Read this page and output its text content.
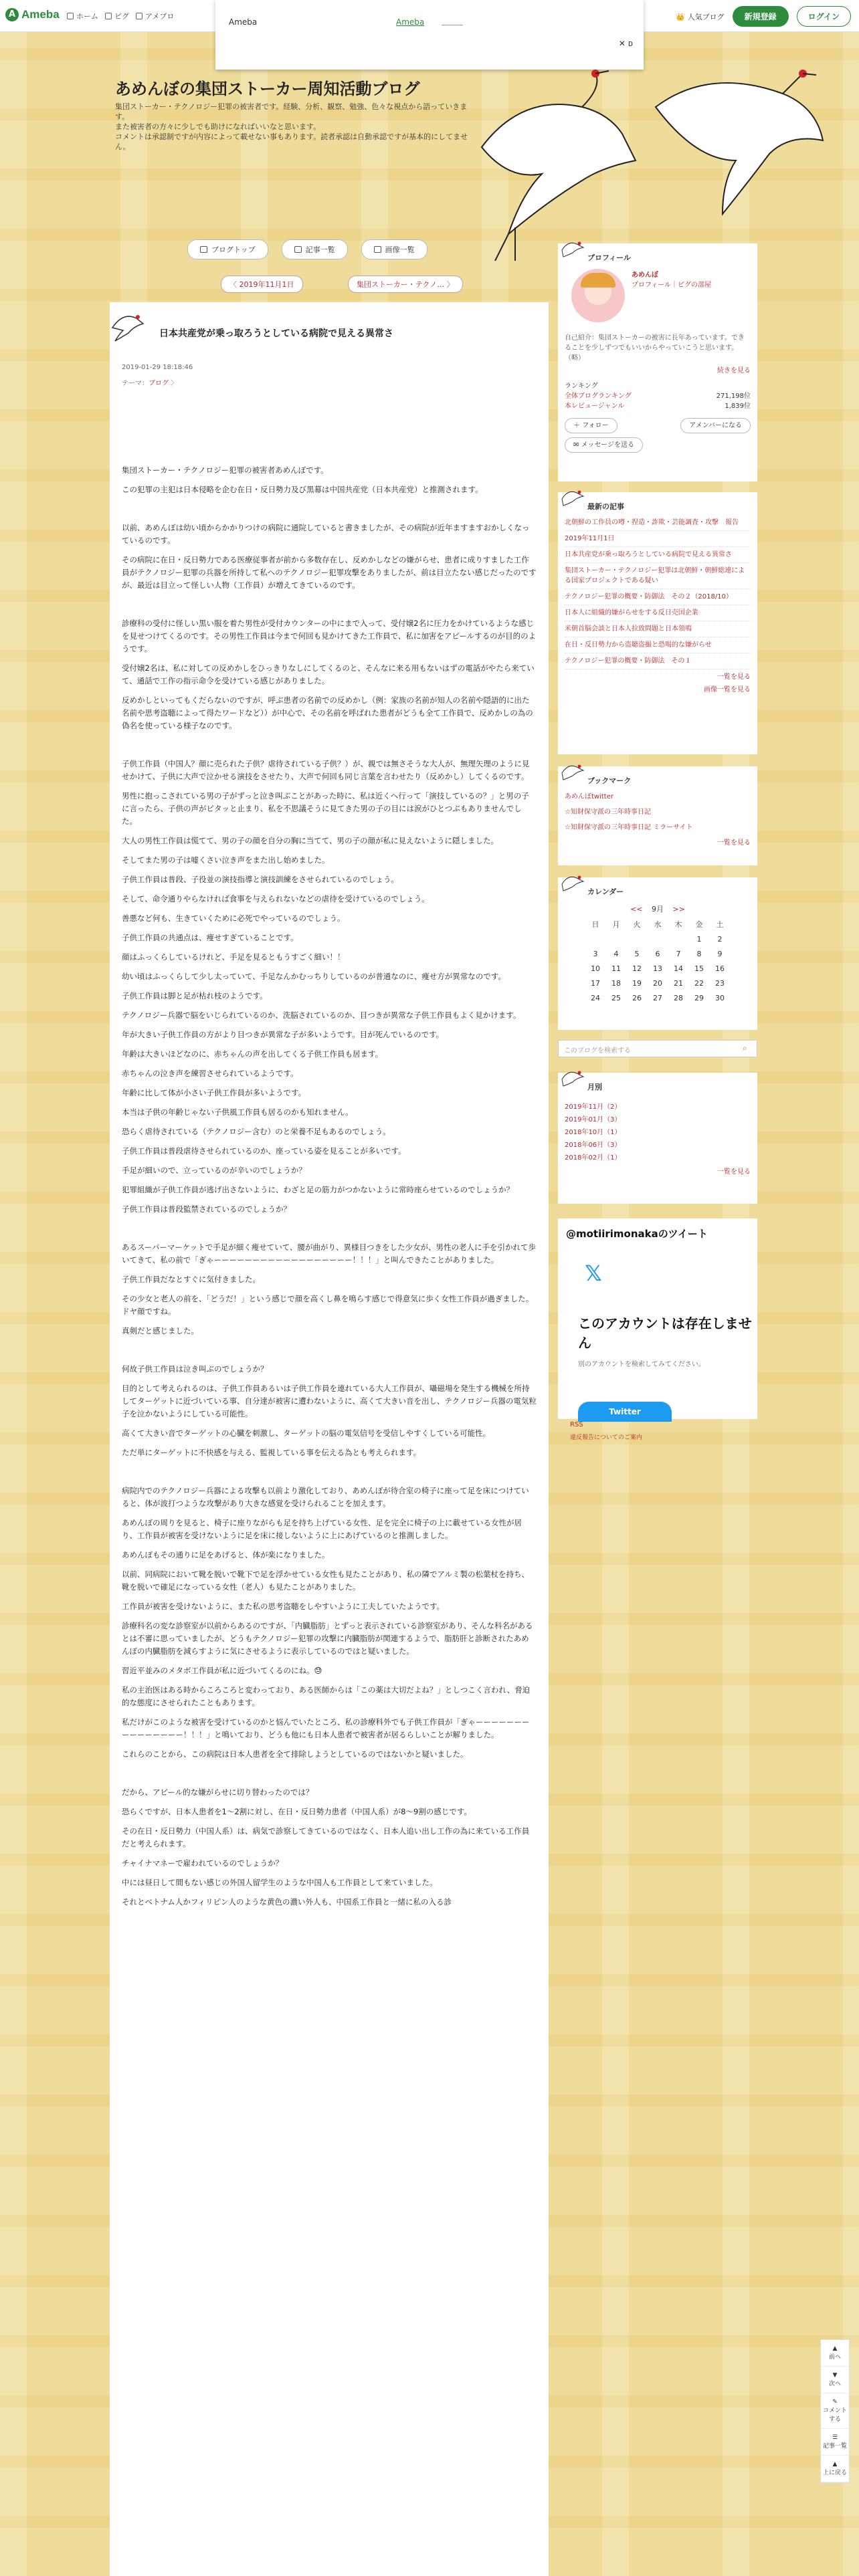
A Ameba	ホーム	ピグ	アメブロ	👑 人気ブログ	新規登録	ログイン
Ameba	Ameba
✕ ᴅ
あめんぼの集団ストーカー周知活動ブログ
集団ストーカー・テクノロジー犯罪の被害者です。経験、分析、観察、勉強、色々な視点から語っていきます。
また被害者の方々に少しでも助けになればいいなと思います。
コメントは承認制ですが内容によって載せない事もあります。読者承認は自動承認ですが基本的にしてません。
ブログトップ	記事一覧	画像一覧
〈 2019年11月1日	集団ストーカー・テクノ… 〉
日本共産党が乗っ取ろうとしている病院で見える異常さ
2019-01-29 18:18:46
テーマ：ブログ 〉

集団ストーカー・テクノロジー犯罪の被害者あめんぼです。

この犯罪の主犯は日本侵略を企む在日・反日勢力及び黒幕は中国共産党（日本共産党）と推測されます。

以前、あめんぼは幼い頃からかかりつけの病院に通院していると書きましたが、その病院が近年ますますおかしくなっているのです。

その病院に在日・反日勢力である医療従事者が前から多数存在し、反めかしなどの嫌がらせ、患者に成りすました工作員がテクノロジー犯罪の兵器を所持して私へのテクノロジー犯罪攻撃をありましたが、前は目立たない感じだったのですが、最近は目立って怪しい人物（工作員）が増えてきているのです。

診療科の受付に怪しい黒い服を着た男性が受付カウンターの中にまで入って、受付嬢2名に圧力をかけているような感じを見せつけてくるのです。その男性工作員は今まで何回も見かけてきた工作員で、私に加害をアピールするのが目的のようです。

受付嬢2名は、私に対しての反めかしをひっきりなしにしてくるのと、そんなに来る用もないはずの電話がやたら来ていて、通話で工作の指示命令を受けている感じがありました。

反めかしといってもくだらないのですが、呼ぶ患者の名前での反めかし（例：家族の名前が知人の名前や隠語的に出た名前や思考盗聴によって得たワードなど））が中心で、その名前を呼ばれた患者がどうも全て工作員で、反めかしの為の偽名を使っている様子なのです。

子供工作員（中国人？顔に売られた子供？虐待されている子供？）が、親では無さそうな大人が、無理矢理のように見せかけて、子供に大声で泣かせる演技をさせたり、大声で何回も同じ言葉を言わせたり（反めかし）してくるのです。

男性に抱っこされている男の子がずっと泣き叫ぶことがあった時に、私は近くへ行って「演技しているの？」と男の子に言ったら、子供の声がピタッと止まり、私を不思議そうに見てきた男の子の目には涙がひとつぶもありませんでした。

大人の男性工作員は慌てて、男の子の顔を自分の胸に当てて、男の子の顔が私に見えないように隠しました。

そしてまた男の子は嘘くさい泣き声をまた出し始めました。

子供工作員は普段、子役並の演技指導と演技訓練をさせられているのでしょう。

そして、命令通りやらなければ食事を与えられないなどの虐待を受けているのでしょう。

善悪など何も、生きていくために必死でやっているのでしょう。

子供工作員の共通点は、痩せすぎていることです。

顔はふっくらしているけれど、手足を見るともうすごく細い！！

幼い頃はふっくらして少し太っていて、手足なんかむっちりしているのが普通なのに、痩せ方が異常なのです。

子供工作員は脚と足が枯れ枝のようです。

テクノロジー兵器で脳をいじられているのか、洗脳されているのか、目つきが異常な子供工作員もよく見かけます。

年が大きい子供工作員の方がより目つきが異常な子が多いようです。目が死んでいるのです。

年齢は大きいほどなのに、赤ちゃんの声を出してくる子供工作員も居ます。

赤ちゃんの泣き声を練習させられているようです。

年齢に比して体が小さい子供工作員が多いようです。

本当は子供の年齢じゃない子供風工作員も居るのかも知れません。

恐らく虐待されている（テクノロジー含む）のと栄養不足もあるのでしょう。

子供工作員は普段虐待させられているのか、座っている姿を見ることが多いです。

手足が細いので、立っているのが辛いのでしょうか？

犯罪組織が子供工作員が逃げ出さないように、わざと足の筋力がつかないように常時座らせているのでしょうか？

子供工作員は普段監禁されているのでしょうか？

あるスーパーマーケットで手足が細く痩せていて、腰が曲がり、異様目つきをした少女が、男性の老人に手を引かれて歩いてきて、私の前で「ぎゃーーーーーーーーーーーーーーーーーー！！！」と叫んできたことがありました。

子供工作員だなとすぐに気付きました。

その少女と老人の前を、「どうだ！」という感じで顔を高くし鼻を鳴らす感じで得意気に歩く女性工作員が過ぎました。ドヤ顔ですね。

真剣だと感じました。

何故子供工作員は泣き叫ぶのでしょうか？

目的として考えられるのは、子供工作員あるいは子供工作員を連れている大人工作員が、囁磁場を発生する機械を所持してターゲットに近づいている事、自分達が被害に遭わないように、高くて大きい音を出し、テクノロジー兵器の電気粒子を泣かないようにしている可能性。

高くて大きい音でターゲットの心臓を刺激し、ターゲットの脳の電気信号を受信しやすくしている可能性。

ただ単にターゲットに不快感を与える、監視している事を伝える為とも考えられます。

病院内でのテクノロジー兵器による攻撃も以前より激化しており、あめんぼが待合室の椅子に座って足を床につけていると、体が波打つような攻撃があり大きな感覚を受けられることを加えます。

あめんぼの周りを見ると、椅子に座りながらも足を持ち上げている女性、足を完全に椅子の上に載せている女性が居り、工作員が被害を受けないように足を床に接しないように上にあげているのと推測しました。

あめんぼもその通りに足をあげると、体が楽になりました。

以前、同病院において靴を脱いで靴下で足を浮かせている女性も見たことがあり、私の隣でアルミ製の松葉杖を持ち、靴を脱いで確足になっている女性（老人）も見たことがありました。

工作員が被害を受けないように、また私の思考盗聴をしやすいように工夫していたようです。

診療科名の変な診察室が以前からあるのですが、「内臓脂肪」とずっと表示されている診察室があり、そんな科名があるとは不審に思っていましたが、どうもテクノロジー犯罪の攻撃に内臓脂肪が関連するようで、脂肪肝と診断されたあめんぼの内臓脂肪を減らすように気にさせるように表示しているのではと疑いました。

習近平並みのメタボ工作員が私に近づいてくるのにね。😓

私の主治医はある時からころころと変わっており、ある医師からは「この薬は大切だよね？」としつこく言われ、脅迫的な態度にさせられたこともあります。

私だけがこのような被害を受けているのかと悩んでいたところ、私の診療科外でも子供工作員が「ぎゃーーーーーーーーーーーーーーー！！！」と鳴いており、どうも他にも日本人患者で被害者が居るらしいことが解りました。

これらのことから、この病院は日本人患者を全て排除しようとしているのではないかと疑いました。

だから、アピール的な嫌がらせに切り替わったのでは？

恐らくですが、日本人患者を1〜2割に対し、在日・反日勢力患者（中国人系）が8〜9割の感じです。

その在日・反日勢力（中国人系）は、病気で診察してきているのではなく、日本人追い出し工作の為に来ている工作員だと考えられます。

チャイナマネーで雇われているのでしょうか？

中には昼日して間もない感じの外国人留学生のような中国人も工作員として来ていました。

それとベトナム人かフィリピン人のような黄色の濃い外人も、中国系工作員と一緒に私の入る診

プロフィール
あめんぼ
プロフィール｜ピグの部屋
自己紹介：集団ストーカーの被害に長年あっています。できることを少しずつでもいいからやっていこうと思います。（略）
続きを見る
ランキング
全体ブログランキング	271,198位
本レビュージャンル	1,839位
＋ フォロー	アメンバーになる
✉ メッセージを送る
最新の記事
北朝鮮の工作員の噂・捏造・詐欺・芸能調査・攻撃　報告
2019年11月1日
日本共産党が乗っ取ろうとしている病院で見える異常さ
集団ストーカー・テクノロジー犯罪は北朝鮮・朝鮮総連による国家プロジェクトである疑い
テクノロジー犯罪の概要・防御法　その２（2018/10）
日本人に組織的嫌がらせをする反日売国企業
米朝首脳会談と日本人拉致問題と日本領鳴
在日・反日勢力から盗聴盗撮と恐喝的な嫌がらせ
テクノロジー犯罪の概要・防御法　その１
一覧を見る
画像一覧を見る
ブックマーク
あめんぼtwitter
☆知財保守派の三年時事日記
☆知財保守派の三年時事日記 ミラーサイト
一覧を見る
カレンダー
<< 9月 >>
日	月	火	水	木	金	土
					1	2
3	4	5	6	7	8	9
10	11	12	13	14	15	16
17	18	19	20	21	22	23
24	25	26	27	28	29	30
このブログを検索する	⌕
月別
2019年11月（2）
2019年01月（3）
2018年10月（1）
2018年06月（3）
2018年02月（1）
一覧を見る
@motiirimonakaのツイート
𝕏
このアカウントは存在しません
別のアカウントを検索してみてください。
Twitter
RSS
違反報告についてのご案内
▲
前へ
▼
次へ
✎
コメントする
☰
記事一覧
▲
上に戻る
